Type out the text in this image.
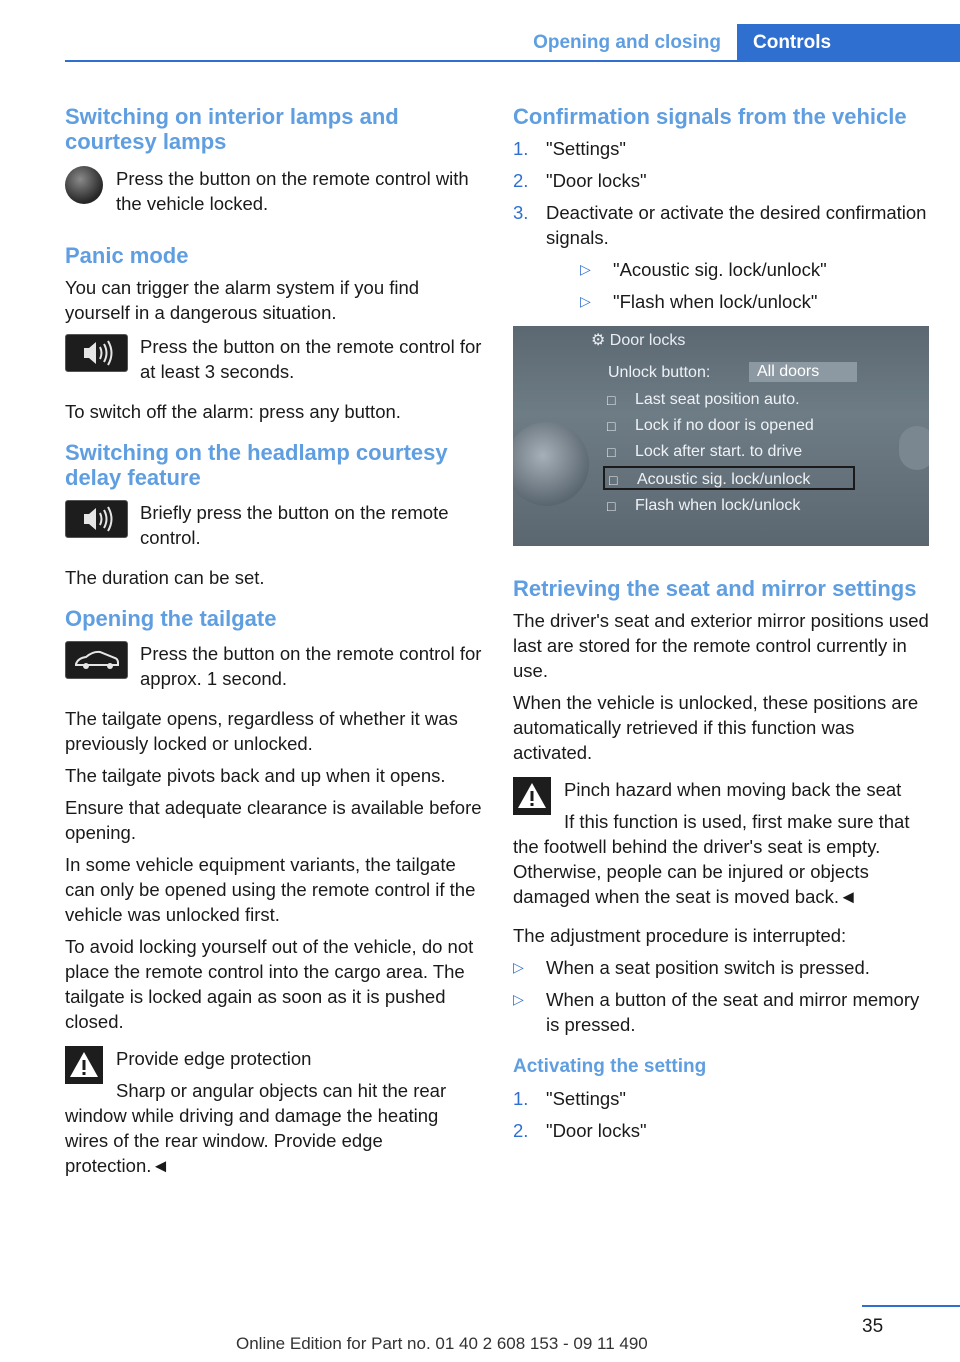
Opening and closing	Controls
Switching on interior lamps and courtesy lamps
Press the button on the remote control with the vehicle locked.
Panic mode

You can trigger the alarm system if you find yourself in a dangerous situation.

Press the button on the remote control for at least 3 seconds.

To switch off the alarm: press any button.

Switching on the headlamp courtesy delay feature
Briefly press the button on the remote control.

The duration can be set.

Opening the tailgate
Press the button on the remote control for approx. 1 second.

The tailgate opens, regardless of whether it was previously locked or unlocked.

The tailgate pivots back and up when it opens.

Ensure that adequate clearance is available before opening.

In some vehicle equipment variants, the tailgate can only be opened using the remote control if the vehicle was unlocked first.

To avoid locking yourself out of the vehicle, do not place the remote control into the cargo area. The tailgate is locked again as soon as it is pushed closed.

Provide edge protection

Sharp or angular objects can hit the rear window while driving and damage the heating wires of the rear window. Provide edge protection.◄

Confirmation signals from the vehicle
1. "Settings"
2. "Door locks"
3. Deactivate or activate the desired confirmation signals.
▷ "Acoustic sig. lock/unlock"
▷ "Flash when lock/unlock"
⚙ Door locks
Unlock button:	All doors
□ Last seat position auto.
□ Lock if no door is opened
□ Lock after start. to drive
□ Acoustic sig. lock/unlock
□ Flash when lock/unlock
Retrieving the seat and mirror settings

The driver's seat and exterior mirror positions used last are stored for the remote control currently in use.

When the vehicle is unlocked, these positions are automatically retrieved if this function was activated.

Pinch hazard when moving back the seat

If this function is used, first make sure that the footwell behind the driver's seat is empty. Otherwise, people can be injured or objects damaged when the seat is moved back.◄

The adjustment procedure is interrupted:

▷ When a seat position switch is pressed.
▷ When a button of the seat and mirror memory is pressed.
Activating the setting
1. "Settings"
2. "Door locks"
35
Online Edition for Part no. 01 40 2 608 153 - 09 11 490
